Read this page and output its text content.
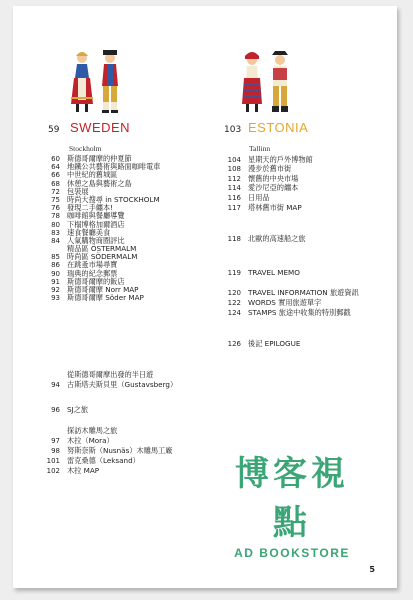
59 SWEDEN
Stockholm
60 斯德哥爾摩的仲夏節
64 地鐵公共藝術與路面咖啡電車
66 中世紀的舊城區
68 休憩之島與藝術之島
72 包裝展
75 時尚大搜尋 in STOCKHOLM
76 發現二手纏本!
78 咖啡館與餐廳導覽
80 下榻博格加爾酒店
83 速食餐廳美食
84 人氣購物商圈評比
精品區 ÖSTERMALM
85 時尚區 SÖDERMALM
86 在跳蚤市場尋寶
90 瑞典的紀念郵票
91 斯德哥爾摩的飯店
92 斯德哥爾摩 Norr MAP
93 斯德哥爾摩 Söder MAP
從斯德哥爾摩出發的半日遊
94 古斯塔夫斯貝里（Gustavsberg）
96 SJ之旅
探訪木雕馬之旅
97 木拉（Mora）
98 努斯奈斯（Nusnäs）木雕馬工廠
101 雷克桑德（Leksand）
102 木拉 MAP
103 ESTONIA
Tallinn
104 星期天的戶外博物館
108 漫步於舊市街
112 懷舊的中央市場
114 愛沙尼亞的纏本
116 日用品
117 塔林舊市街 MAP
118 北歐的高速船之旅
119 TRAVEL MEMO
120 TRAVEL INFORMATION 旅遊資訊
122 WORDS 實用旅遊單字
124 STAMPS 旅途中收集的特別郵戳
126 後記 EPILOGUE
博客視點
AD BOOKSTORE
5
